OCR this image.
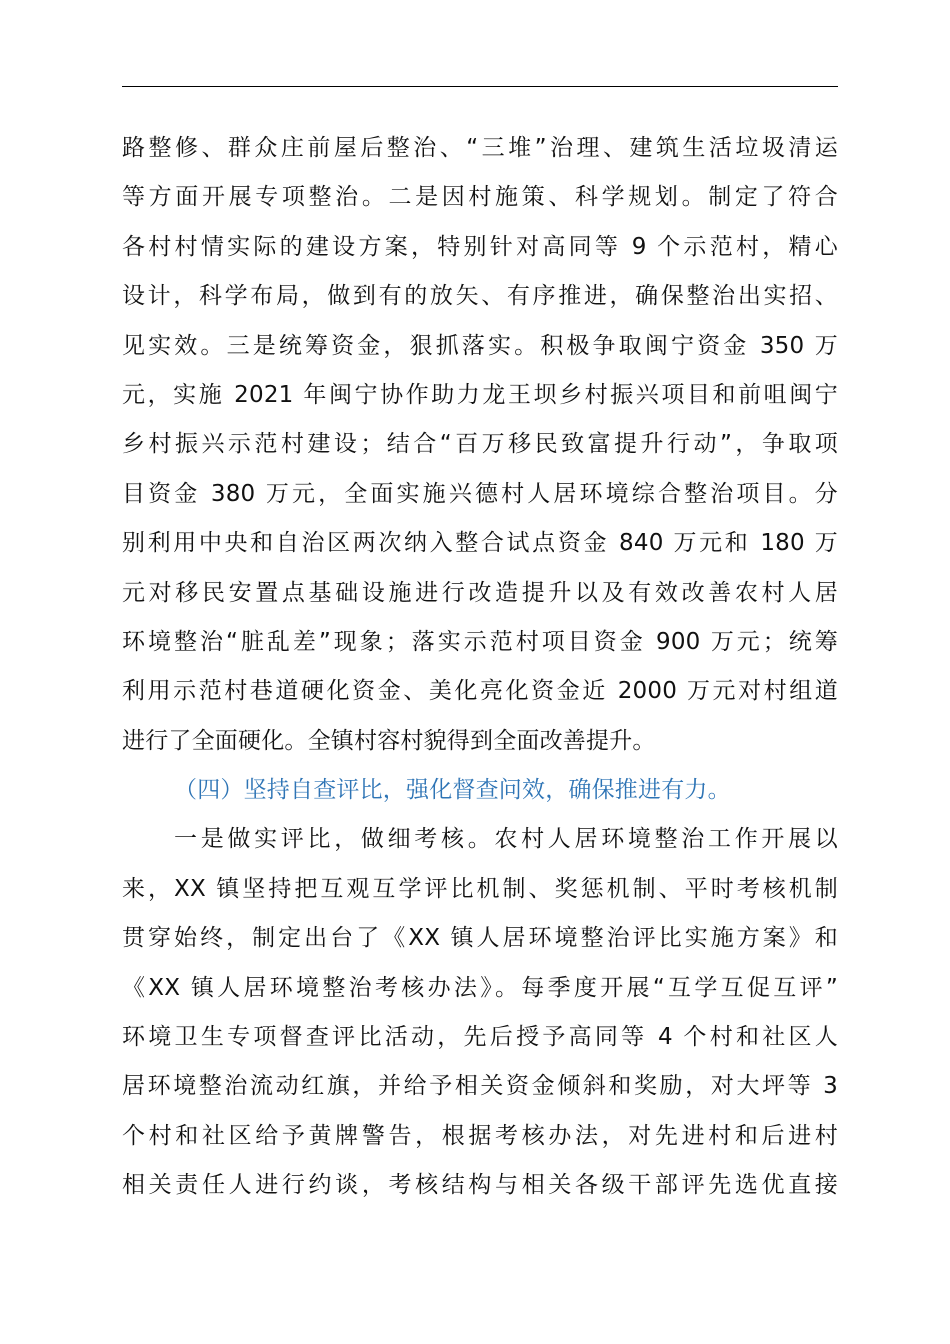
路整修、群众庄前屋后整治、“三堆”治理、建筑生活垃圾清运
等方面开展专项整治。二是因村施策、科学规划。制定了符合
各村村情实际的建设方案，特别针对高同等 9 个示范村，精心
设计，科学布局，做到有的放矢、有序推进，确保整治出实招、
见实效。三是统筹资金，狠抓落实。积极争取闽宁资金 350 万
元，实施 2021 年闽宁协作助力龙王坝乡村振兴项目和前咀闽宁
乡村振兴示范村建设；结合“百万移民致富提升行动”，争取项
目资金 380 万元，全面实施兴德村人居环境综合整治项目。分
别利用中央和自治区两次纳入整合试点资金 840 万元和 180 万
元对移民安置点基础设施进行改造提升以及有效改善农村人居
环境整治“脏乱差”现象；落实示范村项目资金 900 万元；统筹
利用示范村巷道硬化资金、美化亮化资金近 2000 万元对村组道
进行了全面硬化。全镇村容村貌得到全面改善提升。
（四）坚持自查评比，强化督查问效，确保推进有力。
一是做实评比，做细考核。农村人居环境整治工作开展以
来，XX 镇坚持把互观互学评比机制、奖惩机制、平时考核机制
贯穿始终，制定出台了《XX 镇人居环境整治评比实施方案》和
《XX 镇人居环境整治考核办法》。每季度开展“互学互促互评”
环境卫生专项督查评比活动，先后授予高同等 4 个村和社区人
居环境整治流动红旗，并给予相关资金倾斜和奖励，对大坪等 3
个村和社区给予黄牌警告，根据考核办法，对先进村和后进村
相关责任人进行约谈，考核结构与相关各级干部评先选优直接
